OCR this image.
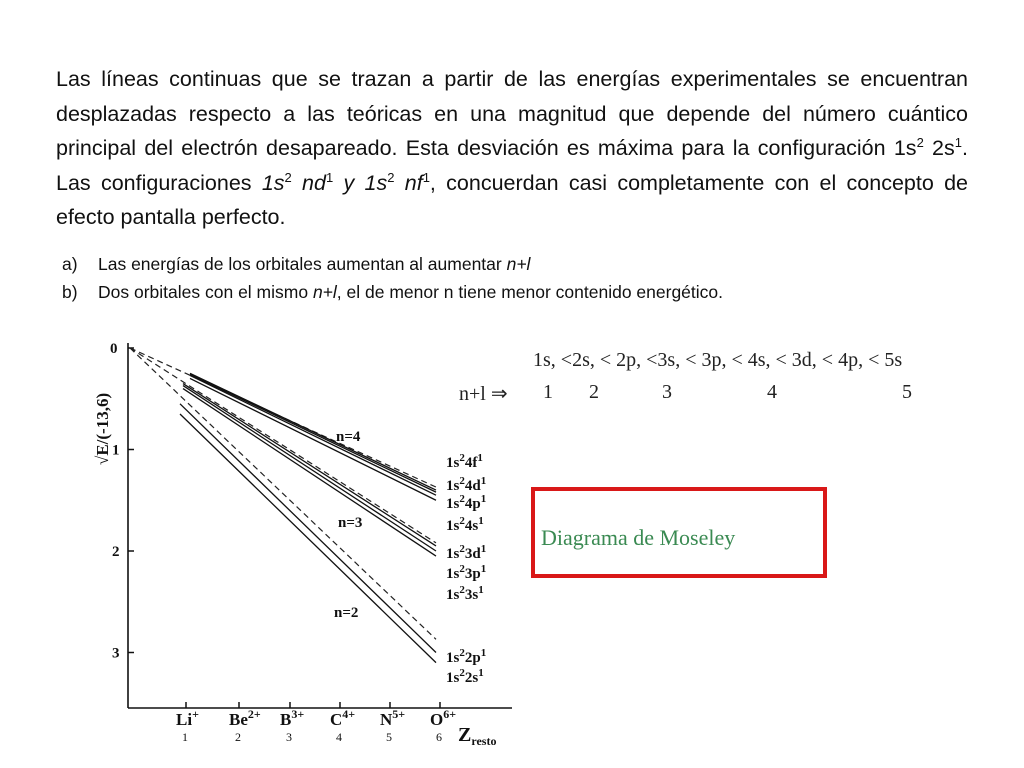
Las líneas continuas que se trazan a partir de las energías experimentales se encuentran desplazadas respecto a las teóricas en una magnitud que depende del número cuántico principal del electrón desapareado. Esta desviación es máxima para la configuración $1s^2$ $2s^1$. Las configuraciones $1s^2$ $nd^1$ y $1s^2$ $nf^1$, concuerdan casi completamente con el concepto de efecto pantalla perfecto.
a)	Las energías de los orbitales aumentan al aumentar n+l
b)	Dos orbitales con el mismo n+l, el de menor n tiene menor contenido energético.
1s, <2s, < 2p, <3s, < 3p, < 4s, < 3d, < 4p, < 5s
n+l ⇒ 1 2	3	4	5
Diagrama de Moseley
0
1
2
3
√E/(-13,6)
Li+
1
$Be^{2+}$
2
$B^{3+}$
3
$C^{4+}$
4
$N^{5+}$
5
$O^{6+}$
6 $Z_{resto}$
$1s^24f^1$
$1s^24d^1$
$1s^24p^1$
$1s^24s^1$
$1s^23d^1$
$1s^23p^1$
$1s^23s^1$
$1s^22p^1$
$1s^22s^1$
n=4
n=3
n=2
